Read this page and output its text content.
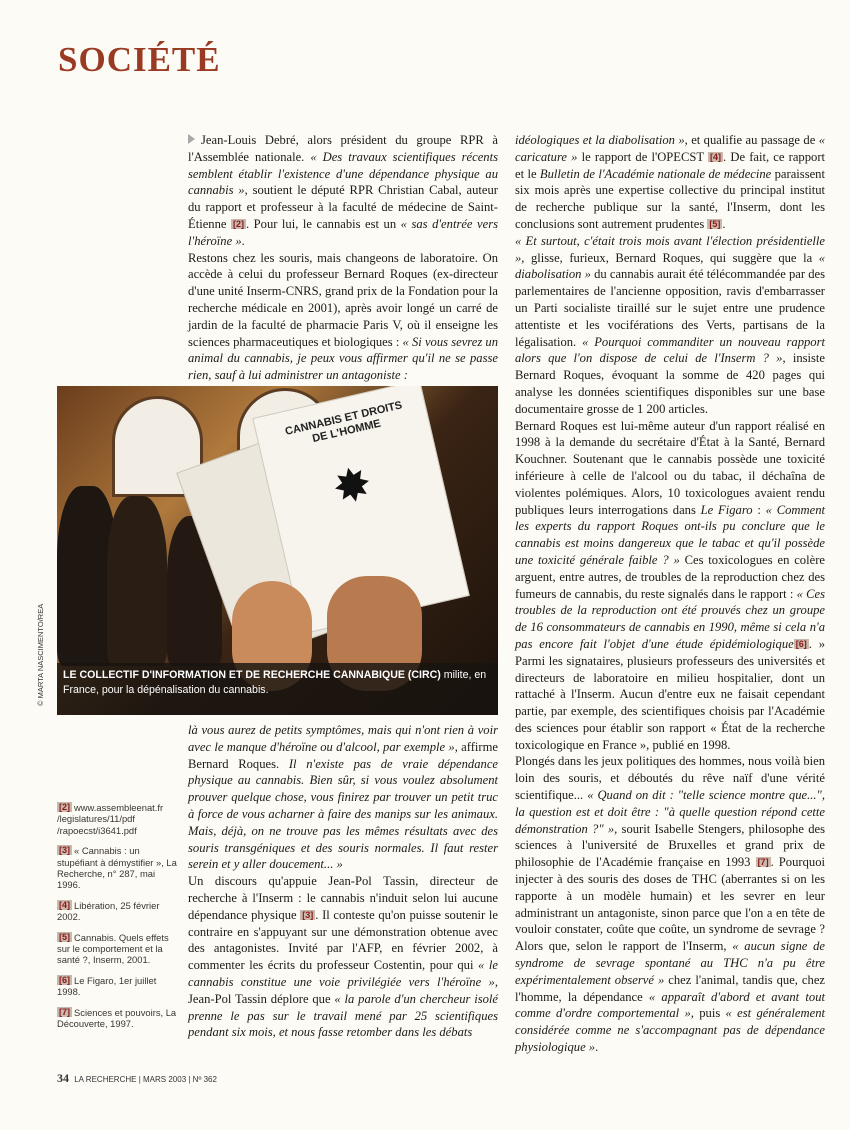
SOCIÉTÉ

Jean-Louis Debré, alors président du groupe RPR à l'Assemblée nationale. « Des travaux scientifiques récents semblent établir l'existence d'une dépendance physique au cannabis », soutient le député RPR Christian Cabal, auteur du rapport et professeur à la faculté de médecine de Saint-Étienne [2] . Pour lui, le cannabis est un « sas d'entrée vers l'héroïne ».

Restons chez les souris, mais changeons de laboratoire. On accède à celui du professeur Bernard Roques (ex-directeur d'une unité Inserm-CNRS, grand prix de la Fondation pour la recherche médicale en 2001), après avoir longé un carré de jardin de la faculté de pharmacie Paris V, où il enseigne les sciences pharmaceutiques et biologiques : « Si vous sevrez un animal du cannabis, je peux vous affirmer qu'il ne se passe rien, sauf à lui administrer un antagoniste :

CANNABIS ET DROITS DE L'HOMME
✸

LE COLLECTIF D'INFORMATION ET DE RECHERCHE CANNABIQUE (CIRC) milite, en France, pour la dépénalisation du cannabis.

© MARTA NASCIMENTO/REA

là vous aurez de petits symptômes, mais qui n'ont rien à voir avec le manque d'héroïne ou d'alcool, par exemple », affirme Bernard Roques. Il n'existe pas de vraie dépendance physique au cannabis. Bien sûr, si vous voulez absolument prouver quelque chose, vous finirez par trouver un petit truc à force de vous acharner à faire des manips sur les animaux. Mais, déjà, on ne trouve pas les mêmes résultats avec des souris transgéniques et des souris normales. Il faut rester serein et y aller doucement... »

Un discours qu'appuie Jean-Pol Tassin, directeur de recherche à l'Inserm : le cannabis n'induit selon lui aucune dépendance physique [3] . Il conteste qu'on puisse soutenir le contraire en s'appuyant sur une démonstration obtenue avec des antagonistes. Invité par l'AFP, en février 2002, à commenter les écrits du professeur Costentin, pour qui « le cannabis constitue une voie privilégiée vers l'héroïne », Jean-Pol Tassin déplore que « la parole d'un chercheur isolé prenne le pas sur le travail mené par 25 scientifiques pendant six mois, et nous fasse retomber dans les débats

idéologiques et la diabolisation », et qualifie au passage de « caricature » le rapport de l'OPECST [4] . De fait, ce rapport et le Bulletin de l'Académie nationale de médecine paraissent six mois après une expertise collective du principal institut de recherche publique sur la santé, l'Inserm, dont les conclusions sont autrement prudentes [5] .

« Et surtout, c'était trois mois avant l'élection présidentielle », glisse, furieux, Bernard Roques, qui suggère que la « diabolisation » du cannabis aurait été télécommandée par des parlementaires de l'ancienne opposition, ravis d'embarrasser un Parti socialiste tiraillé sur le sujet entre une prudence attentiste et les vociférations des Verts, partisans de la légalisation. « Pourquoi commanditer un nouveau rapport alors que l'on dispose de celui de l'Inserm ? », insiste Bernard Roques, évoquant la somme de 420 pages qui analyse les données scientifiques disponibles sur une base documentaire grosse de 1 200 articles.

Bernard Roques est lui-même auteur d'un rapport réalisé en 1998 à la demande du secrétaire d'État à la Santé, Bernard Kouchner. Soutenant que le cannabis possède une toxicité inférieure à celle de l'alcool ou du tabac, il déchaîna de violentes polémiques. Alors, 10 toxicologues avaient rendu publiques leurs interrogations dans Le Figaro : « Comment les experts du rapport Roques ont-ils pu conclure que le cannabis est moins dangereux que le tabac et qu'il possède une toxicité générale faible ? » Ces toxicologues en colère arguent, entre autres, de troubles de la reproduction chez des fumeurs de cannabis, du reste signalés dans le rapport : « Ces troubles de la reproduction ont été prouvés chez un groupe de 16 consommateurs de cannabis en 1990, même si cela n'a pas encore fait l'objet d'une étude épidémiologique [6] . » Parmi les signataires, plusieurs professeurs des universités et directeurs de laboratoire en milieu hospitalier, dont un rattaché à l'Inserm. Aucun d'entre eux ne faisait cependant partie, par exemple, des scientifiques choisis par l'Académie des sciences pour établir son rapport « État de la recherche toxicologique en France », publié en 1998.

Plongés dans les jeux politiques des hommes, nous voilà bien loin des souris, et déboutés du rêve naïf d'une vérité scientifique... « Quand on dit : "telle science montre que...", la question est et doit être : "à quelle question répond cette démonstration ?" », sourit Isabelle Stengers, philosophe des sciences à l'université de Bruxelles et grand prix de philosophie de l'Académie française en 1993 [7] . Pourquoi injecter à des souris des doses de THC (aberrantes si on les rapporte à un modèle humain) et les sevrer en leur administrant un antagoniste, sinon parce que l'on a en tête de vouloir constater, coûte que coûte, un syndrome de sevrage ? Alors que, selon le rapport de l'Inserm, « aucun signe de syndrome de sevrage spontané au THC n'a pu être expérimentalement observé » chez l'animal, tandis que, chez l'homme, la dépendance « apparaît d'abord et avant tout comme d'ordre comportemental », puis « est généralement considérée comme ne s'accompagnant pas de dépendance physiologique ».

[2] www.assembleenat.fr /legislatures/11/pdf /rapoecst/i3641.pdf
[3] « Cannabis : un stupéfiant à démystifier », La Recherche, n° 287, mai 1996.
[4] Libération, 25 février 2002.
[5] Cannabis. Quels effets sur le comportement et la santé ?, Inserm, 2001.
[6] Le Figaro, 1er juillet 1998.
[7] Sciences et pouvoirs, La Découverte, 1997.
34 LA RECHERCHE | MARS 2003 | Nº 362
